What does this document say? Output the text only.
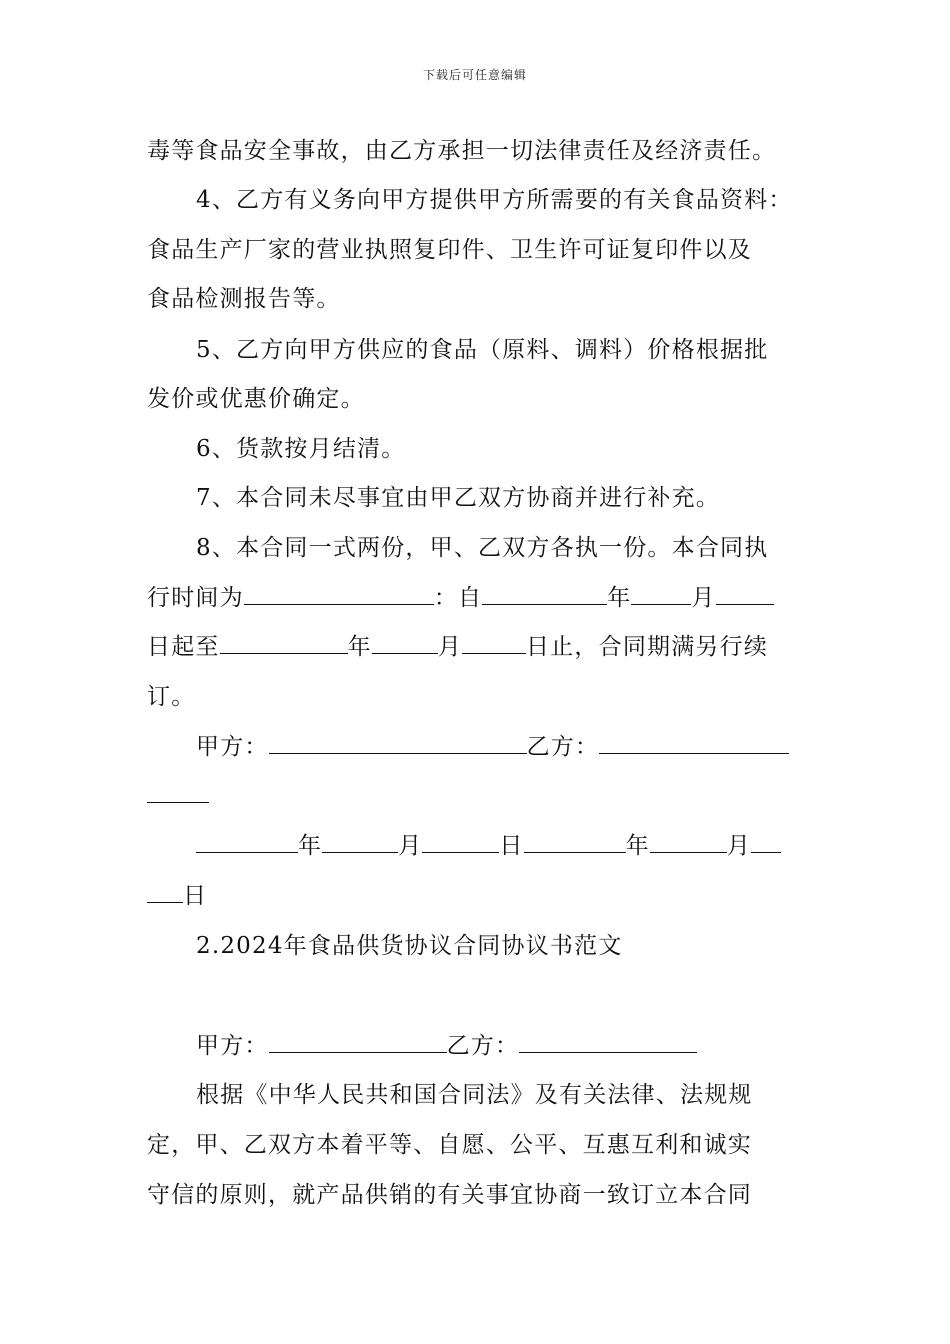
下载后可任意编辑
毒等食品安全事故，由乙方承担一切法律责任及经济责任。
4、乙方有义务向甲方提供甲方所需要的有关食品资料：
食品生产厂家的营业执照复印件、卫生许可证复印件以及
食品检测报告等。
5、乙方向甲方供应的食品（原料、调料）价格根据批
发价或优惠价确定。
6、货款按月结清。
7、本合同未尽事宜由甲乙双方协商并进行补充。
8、本合同一式两份，甲、乙双方各执一份。本合同执
行时间为	：自	年	月
日起至	年	月	日止，合同期满另行续
订。
甲方：	乙方：
年	月	日	年	月
日
2.2024年食品供货协议合同协议书范文
甲方：	乙方：
根据《中华人民共和国合同法》及有关法律、法规规
定，甲、乙双方本着平等、自愿、公平、互惠互利和诚实
守信的原则，就产品供销的有关事宜协商一致订立本合同
